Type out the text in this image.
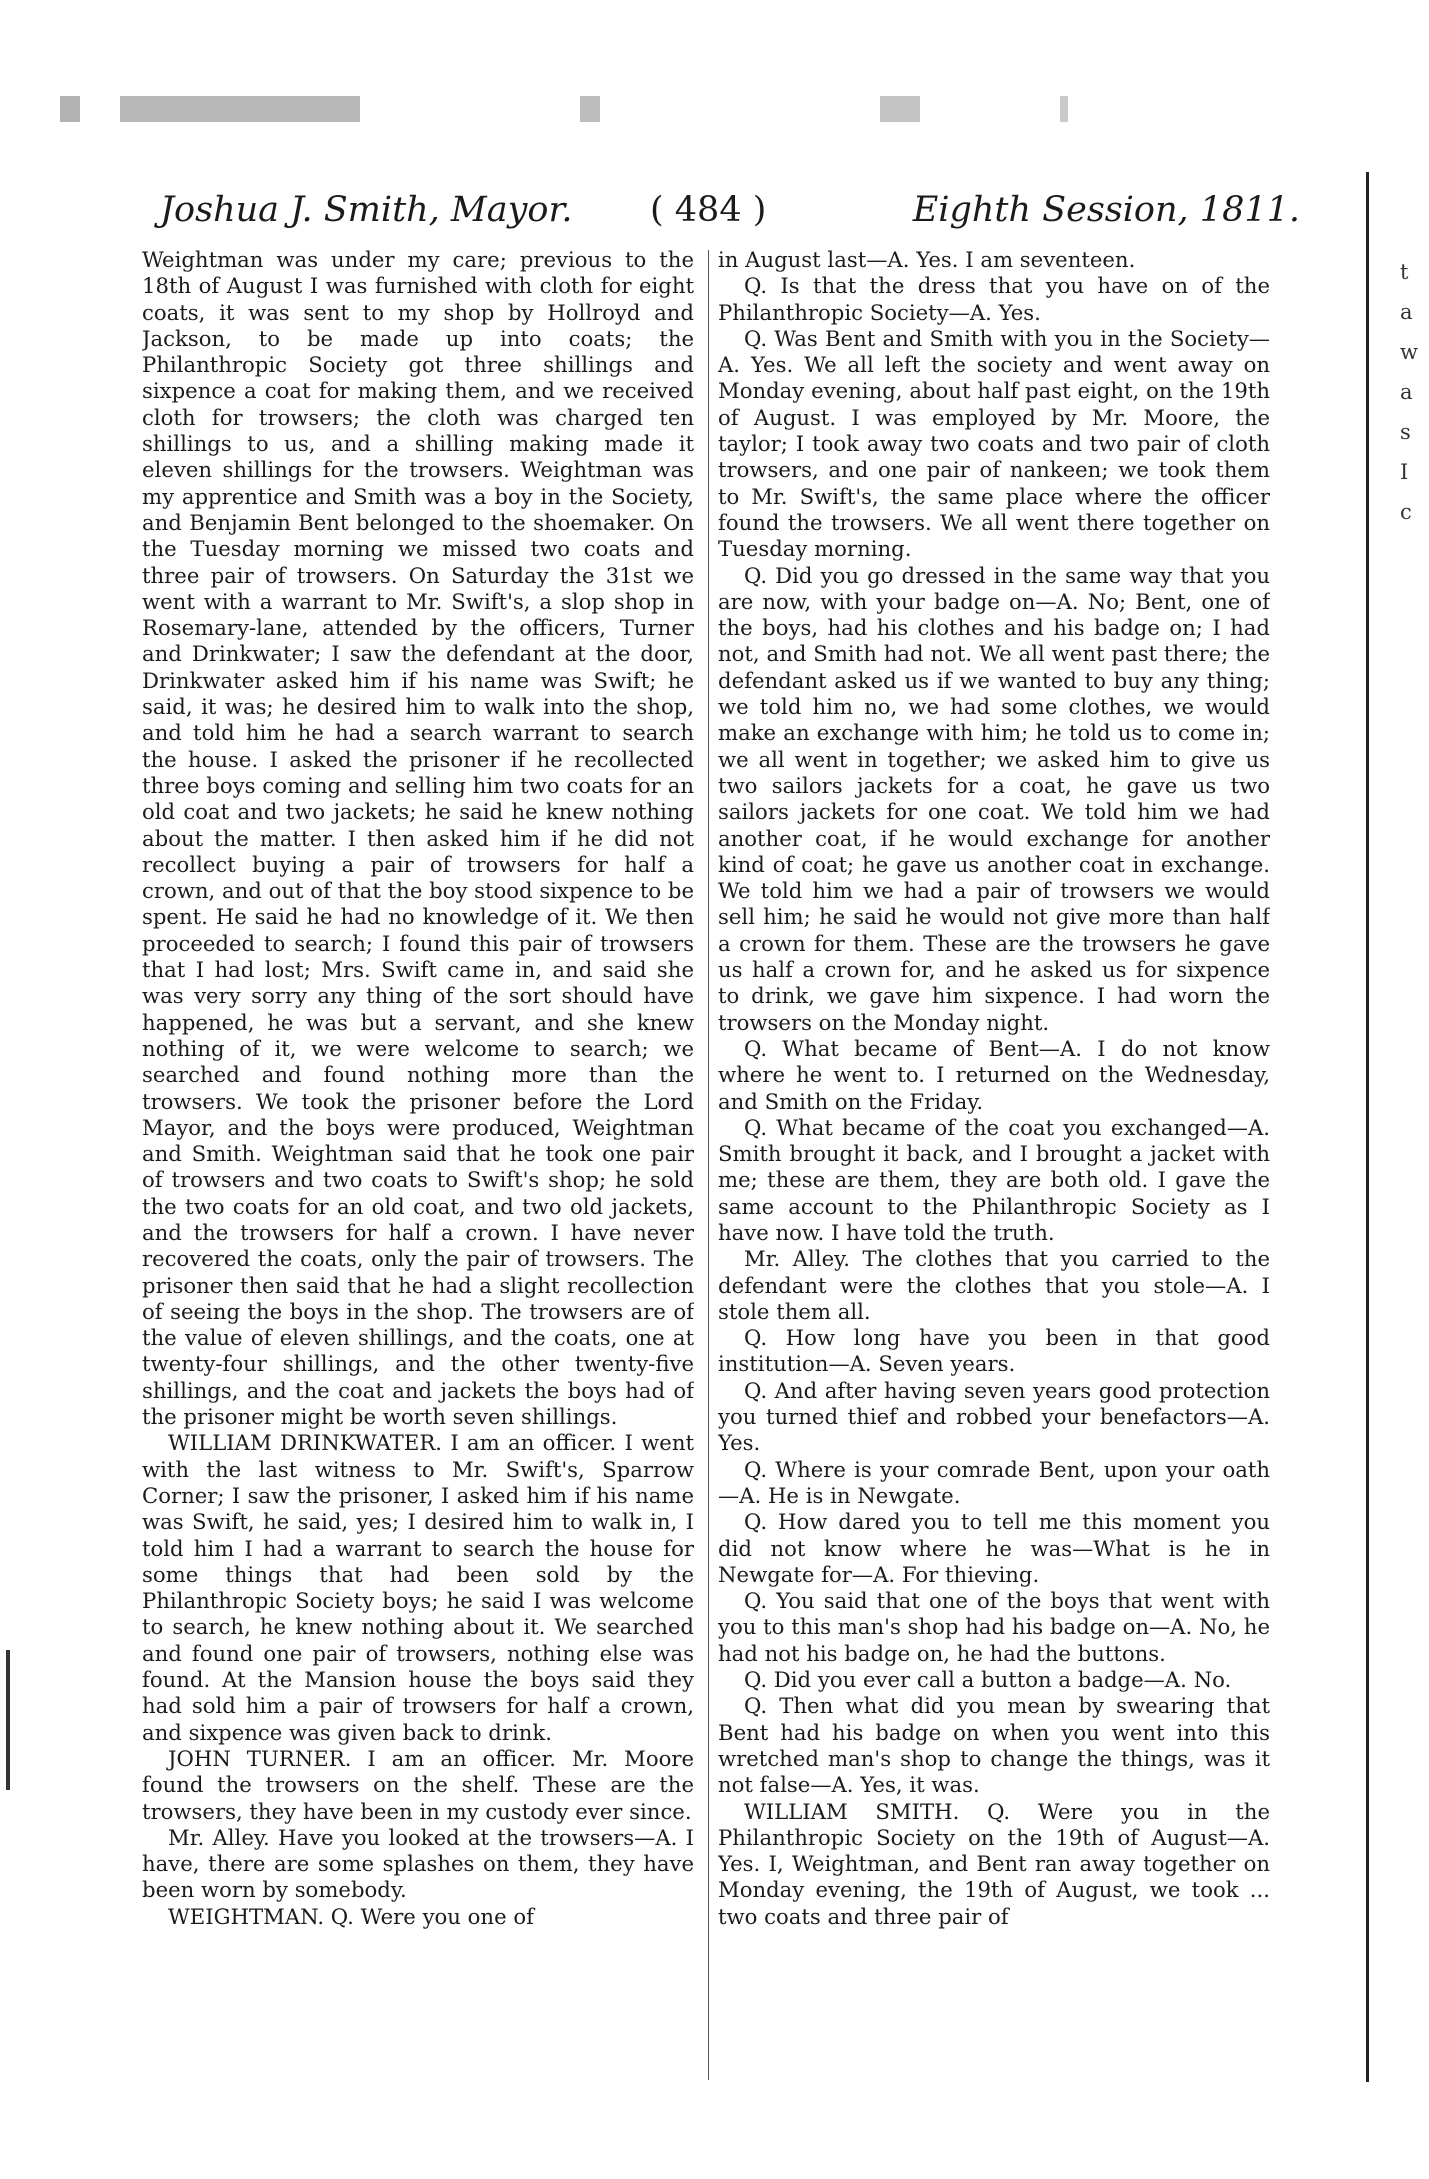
Joshua J. Smith, Mayor. ( 484 )	Eighth Session, 1811.

Weightman was under my care; previous to the 18th of August I was furnished with cloth for eight coats, it was sent to my shop by Hollroyd and Jackson, to be made up into coats; the Philanthropic Society got three shillings and sixpence a coat for making them, and we received cloth for trowsers; the cloth was charged ten shillings to us, and a shilling making made it eleven shillings for the trowsers. Weightman was my apprentice and Smith was a boy in the Society, and Benjamin Bent belonged to the shoemaker. On the Tuesday morning we missed two coats and three pair of trowsers. On Saturday the 31st we went with a warrant to Mr. Swift's, a slop shop in Rosemary-lane, attended by the officers, Turner and Drinkwater; I saw the defendant at the door, Drinkwater asked him if his name was Swift; he said, it was; he desired him to walk into the shop, and told him he had a search warrant to search the house. I asked the prisoner if he recollected three boys coming and selling him two coats for an old coat and two jackets; he said he knew nothing about the matter. I then asked him if he did not recollect buying a pair of trowsers for half a crown, and out of that the boy stood sixpence to be spent. He said he had no knowledge of it. We then proceeded to search; I found this pair of trowsers that I had lost; Mrs. Swift came in, and said she was very sorry any thing of the sort should have happened, he was but a servant, and she knew nothing of it, we were welcome to search; we searched and found nothing more than the trowsers. We took the prisoner before the Lord Mayor, and the boys were produced, Weightman and Smith. Weightman said that he took one pair of trowsers and two coats to Swift's shop; he sold the two coats for an old coat, and two old jackets, and the trowsers for half a crown. I have never recovered the coats, only the pair of trowsers. The prisoner then said that he had a slight recollection of seeing the boys in the shop. The trowsers are of the value of eleven shillings, and the coats, one at twenty-four shillings, and the other twenty-five shillings, and the coat and jackets the boys had of the prisoner might be worth seven shillings.

WILLIAM DRINKWATER. I am an officer. I went with the last witness to Mr. Swift's, Sparrow Corner; I saw the prisoner, I asked him if his name was Swift, he said, yes; I desired him to walk in, I told him I had a warrant to search the house for some things that had been sold by the Philanthropic Society boys; he said I was welcome to search, he knew nothing about it. We searched and found one pair of trowsers, nothing else was found. At the Mansion house the boys said they had sold him a pair of trowsers for half a crown, and sixpence was given back to drink.

JOHN TURNER. I am an officer. Mr. Moore found the trowsers on the shelf. These are the trowsers, they have been in my custody ever since.

Mr. Alley. Have you looked at the trowsers—A. I have, there are some splashes on them, they have been worn by somebody.

WEIGHTMAN. Q. Were you one of

in August last—A. Yes. I am seventeen.

Q. Is that the dress that you have on of the Philanthropic Society—A. Yes.

Q. Was Bent and Smith with you in the Society—A. Yes. We all left the society and went away on Monday evening, about half past eight, on the 19th of August. I was employed by Mr. Moore, the taylor; I took away two coats and two pair of cloth trowsers, and one pair of nankeen; we took them to Mr. Swift's, the same place where the officer found the trowsers. We all went there together on Tuesday morning.

Q. Did you go dressed in the same way that you are now, with your badge on—A. No; Bent, one of the boys, had his clothes and his badge on; I had not, and Smith had not. We all went past there; the defendant asked us if we wanted to buy any thing; we told him no, we had some clothes, we would make an exchange with him; he told us to come in; we all went in together; we asked him to give us two sailors jackets for a coat, he gave us two sailors jackets for one coat. We told him we had another coat, if he would exchange for another kind of coat; he gave us another coat in exchange. We told him we had a pair of trowsers we would sell him; he said he would not give more than half a crown for them. These are the trowsers he gave us half a crown for, and he asked us for sixpence to drink, we gave him sixpence. I had worn the trowsers on the Monday night.

Q. What became of Bent—A. I do not know where he went to. I returned on the Wednesday, and Smith on the Friday.

Q. What became of the coat you exchanged—A. Smith brought it back, and I brought a jacket with me; these are them, they are both old. I gave the same account to the Philanthropic Society as I have now. I have told the truth.

Mr. Alley. The clothes that you carried to the defendant were the clothes that you stole—A. I stole them all.

Q. How long have you been in that good institution—A. Seven years.

Q. And after having seven years good protection you turned thief and robbed your benefactors—A. Yes.

Q. Where is your comrade Bent, upon your oath—A. He is in Newgate.

Q. How dared you to tell me this moment you did not know where he was—What is he in Newgate for—A. For thieving.

Q. You said that one of the boys that went with you to this man's shop had his badge on—A. No, he had not his badge on, he had the buttons.

Q. Did you ever call a button a badge—A. No.

Q. Then what did you mean by swearing that Bent had his badge on when you went into this wretched man's shop to change the things, was it not false—A. Yes, it was.

WILLIAM SMITH. Q. Were you in the Philanthropic Society on the 19th of August—A. Yes. I, Weightman, and Bent ran away together on Monday evening, the 19th of August, we took ... two coats and three pair of

t
a
w
a
s
I
c
